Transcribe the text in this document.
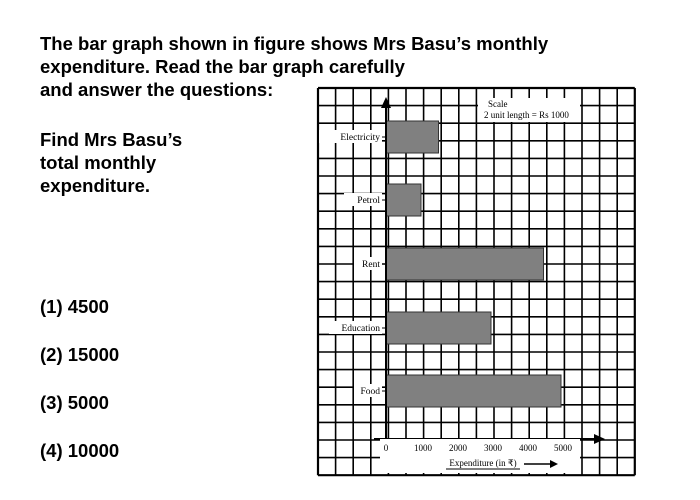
The bar graph shown in figure shows Mrs Basu’s monthly
expenditure. Read the bar graph carefully
and answer the questions:
Find Mrs Basu’s
total monthly
expenditure.
(1) 4500
(2) 15000
(3) 5000
(4) 10000
Electricity
Petrol
Rent
Education
Food
0	1000 2000 3000 4000 5000
Expenditure (in ₹)
Scale
2 unit length = Rs 1000
